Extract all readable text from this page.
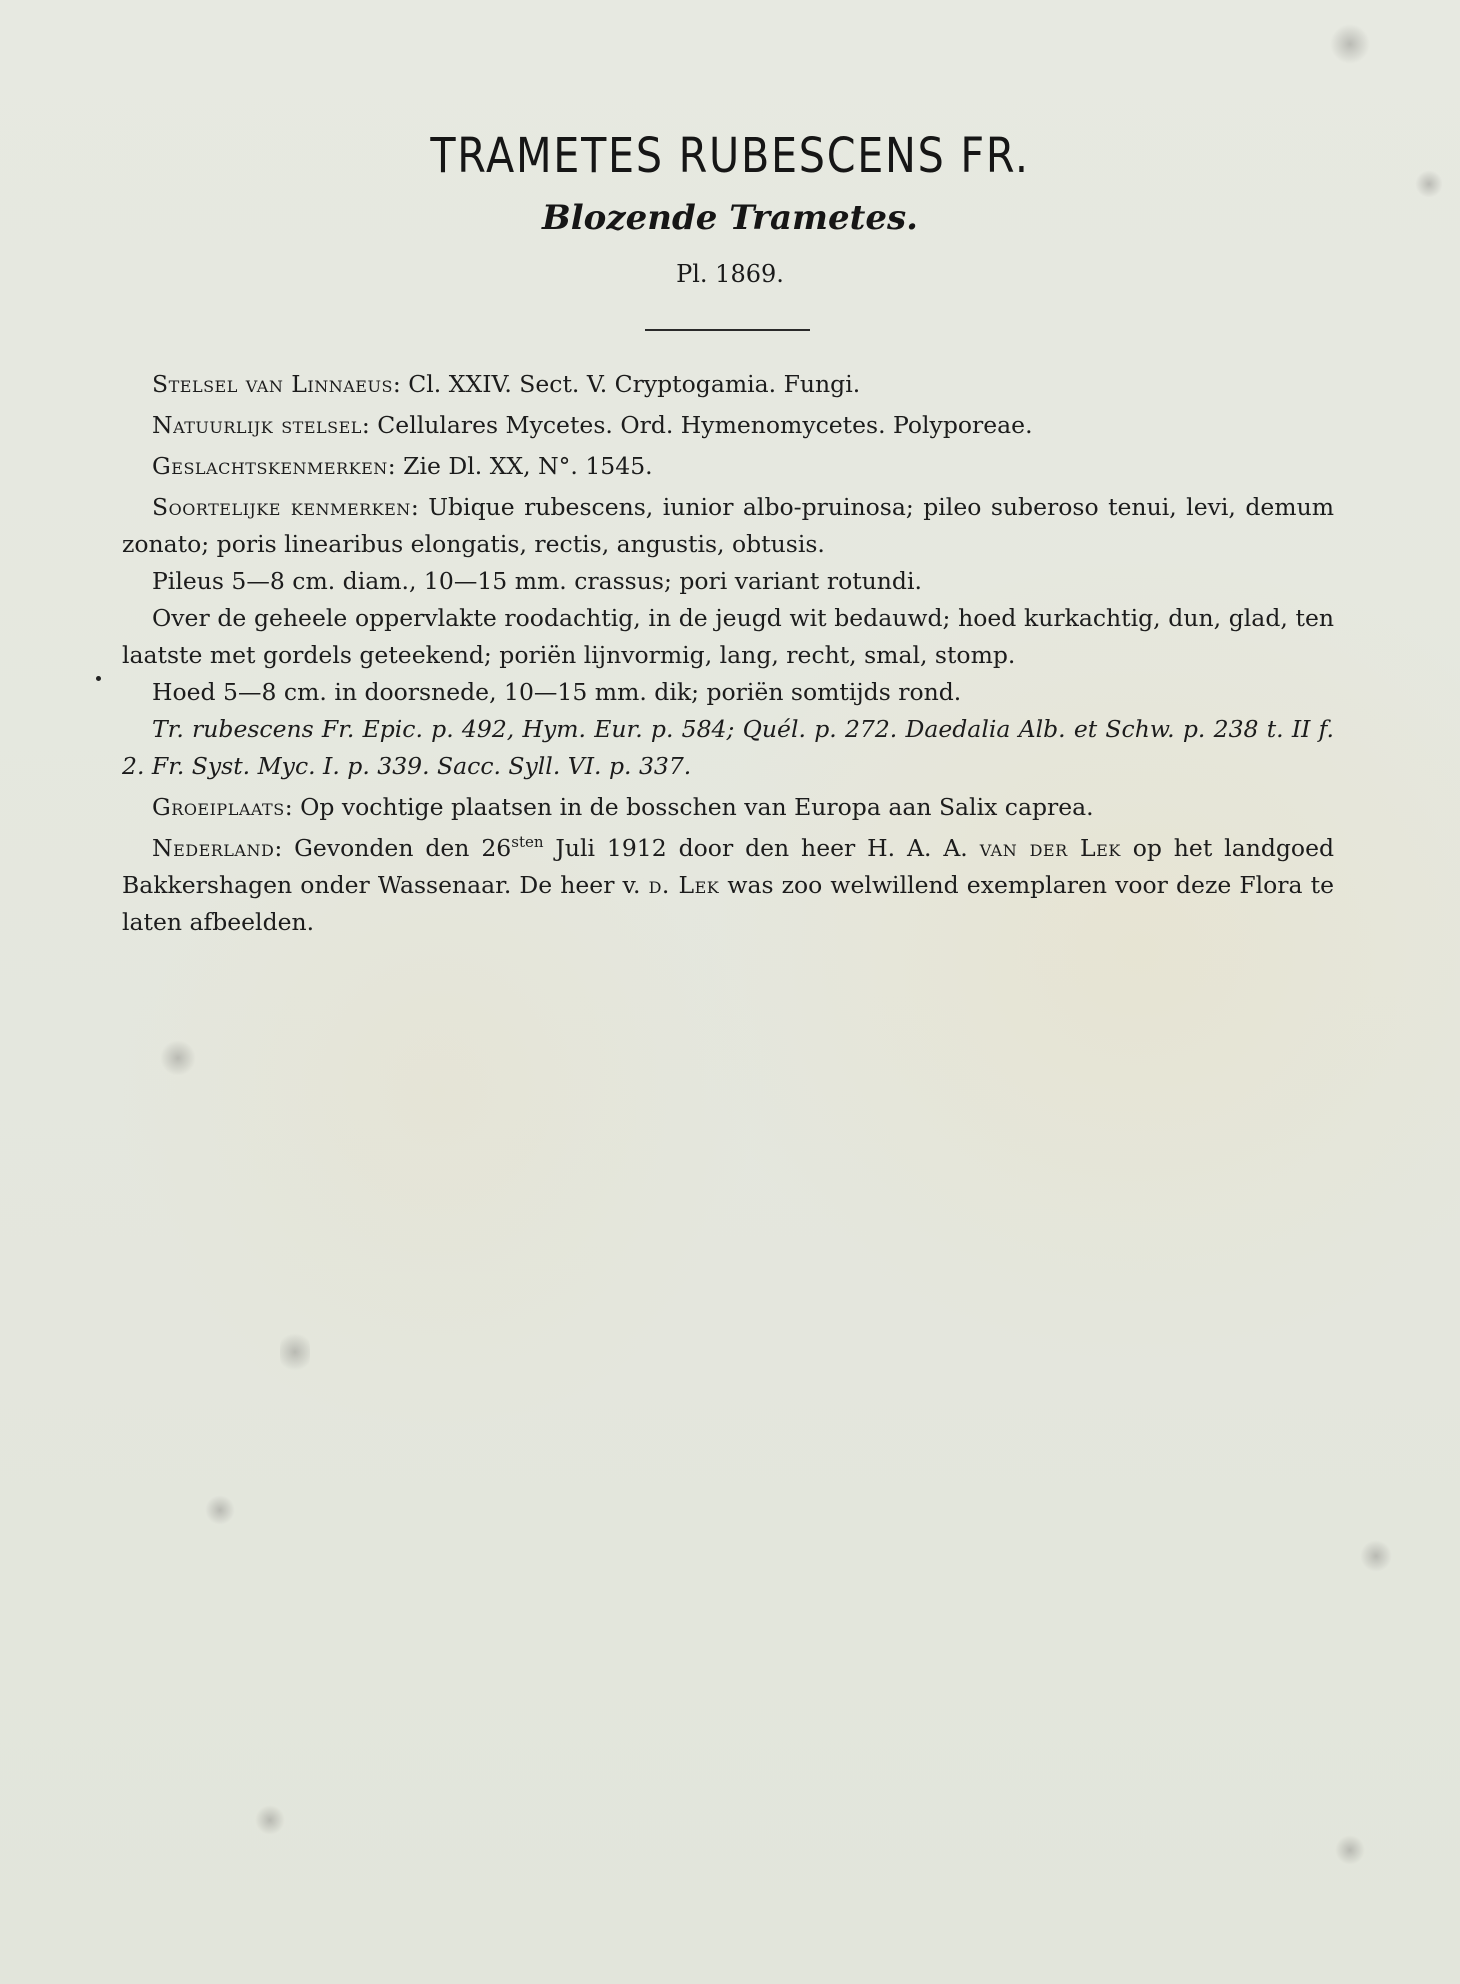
TRAMETES RUBESCENS FR.
Blozende Trametes.
Pl. 1869.

Stelsel van Linnaeus: Cl. XXIV. Sect. V. Cryptogamia. Fungi.

Natuurlijk stelsel: Cellulares Mycetes. Ord. Hymenomycetes. Polyporeae.

Geslachtskenmerken: Zie Dl. XX, N°. 1545.

Soortelijke kenmerken: Ubique rubescens, iunior albo-pruinosa; pileo suberoso tenui, levi, demum zonato; poris linearibus elongatis, rectis, angustis, obtusis.

Pileus 5—8 cm. diam., 10—15 mm. crassus; pori variant rotundi.

Over de geheele oppervlakte roodachtig, in de jeugd wit bedauwd; hoed kurkachtig, dun, glad, ten laatste met gordels geteekend; poriën lijnvormig, lang, recht, smal, stomp.

Hoed 5—8 cm. in doorsnede, 10—15 mm. dik; poriën somtijds rond.

Tr. rubescens Fr. Epic. p. 492, Hym. Eur. p. 584; Quél. p. 272. Daedalia Alb. et Schw. p. 238 t. II f. 2. Fr. Syst. Myc. I. p. 339. Sacc. Syll. VI. p. 337.

Groeiplaats: Op vochtige plaatsen in de bosschen van Europa aan Salix caprea.

Nederland: Gevonden den $26^{sten}$ Juli 1912 door den heer H. A. A. van der Lek op het landgoed Bakkershagen onder Wassenaar. De heer v. d. Lek was zoo welwillend exemplaren voor deze Flora te laten afbeelden.
